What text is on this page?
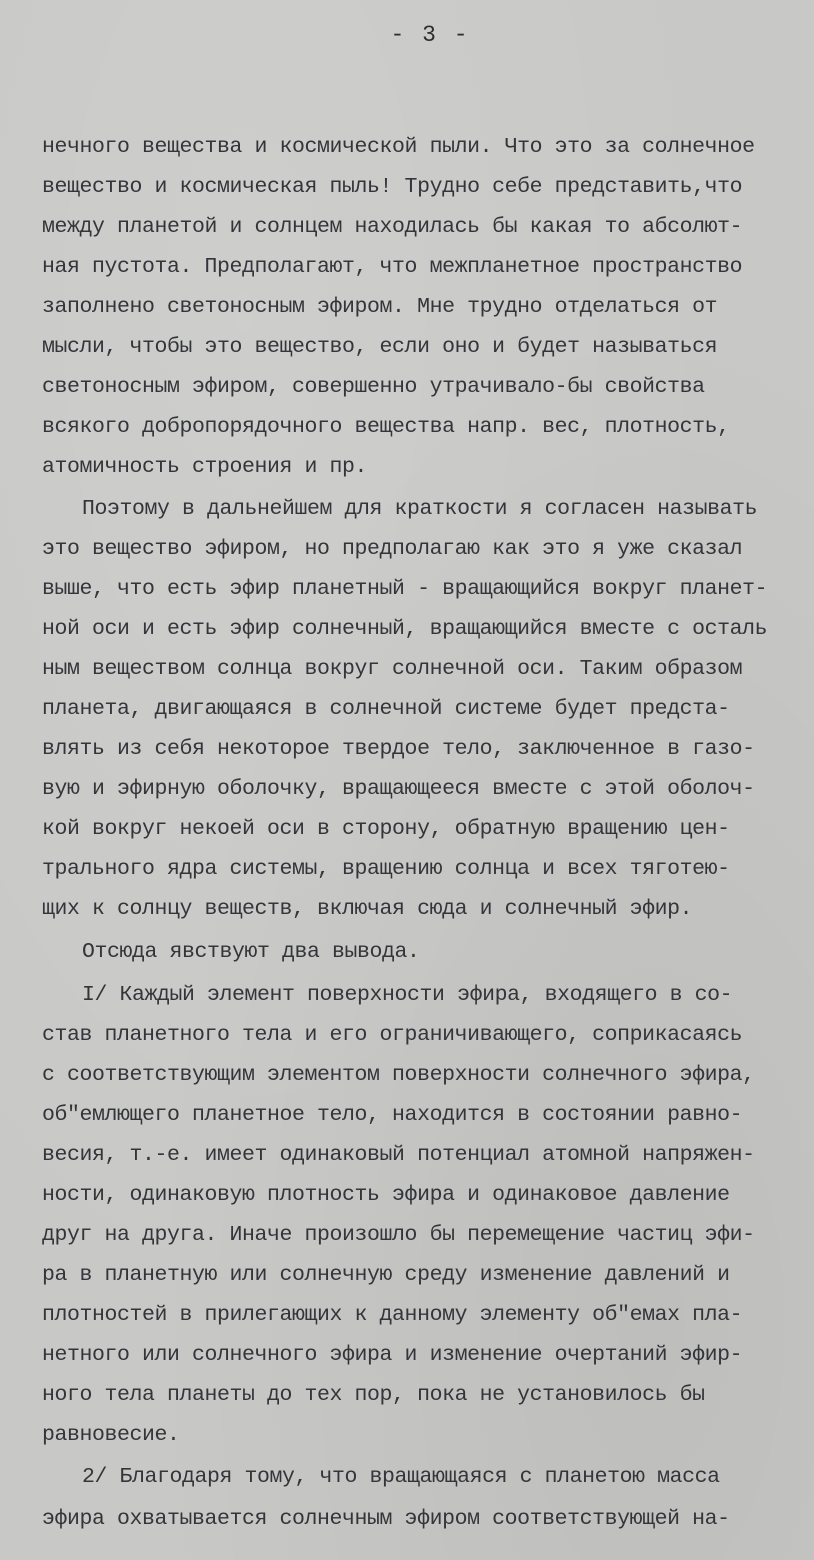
- 3 -
нечного вещества и космической пыли. Что это за солнечное
вещество и космическая пыль! Трудно себе представить,что
между планетой и солнцем находилась бы какая то абсолют-
ная пустота. Предполагают, что межпланетное пространство
заполнено светоносным эфиром. Мне трудно отделаться от
мысли, чтобы это вещество, если оно и будет называться
светоносным эфиром, совершенно утрачивало-бы свойства
всякого добропорядочного вещества напр. вес, плотность,
атомичность строения и пр.
Поэтому в дальнейшем для краткости я согласен называть
это вещество эфиром, но предполагаю как это я уже сказал
выше, что есть эфир планетный - вращающийся вокруг планет-
ной оси и есть эфир солнечный, вращающийся вместе с осталь
ным веществом солнца вокруг солнечной оси. Таким образом
планета, двигающаяся в солнечной системе будет предста-
влять из себя некоторое твердое тело, заключенное в газо-
вую и эфирную оболочку, вращающееся вместе с этой оболоч-
кой вокруг некоей оси в сторону, обратную вращению цен-
трального ядра системы, вращению солнца и всех тяготею-
щих к солнцу веществ, включая сюда и солнечный эфир.
Отсюда явствуют два вывода.
I/ Каждый элемент поверхности эфира, входящего в со-
став планетного тела и его ограничивающего, соприкасаясь
с соответствующим элементом поверхности солнечного эфира,
об"емлющего планетное тело, находится в состоянии равно-
весия, т.-е. имеет одинаковый потенциал атомной напряжен-
ности, одинаковую плотность эфира и одинаковое давление
друг на друга. Иначе произошло бы перемещение частиц эфи-
ра в планетную или солнечную среду изменение давлений и
плотностей в прилегающих к данному элементу об"емах пла-
нетного или солнечного эфира и изменение очертаний эфир-
ного тела планеты до тех пор, пока не установилось бы
равновесие.
2/ Благодаря тому, что вращающаяся с планетою масса
эфира охватывается солнечным эфиром соответствующей на-
